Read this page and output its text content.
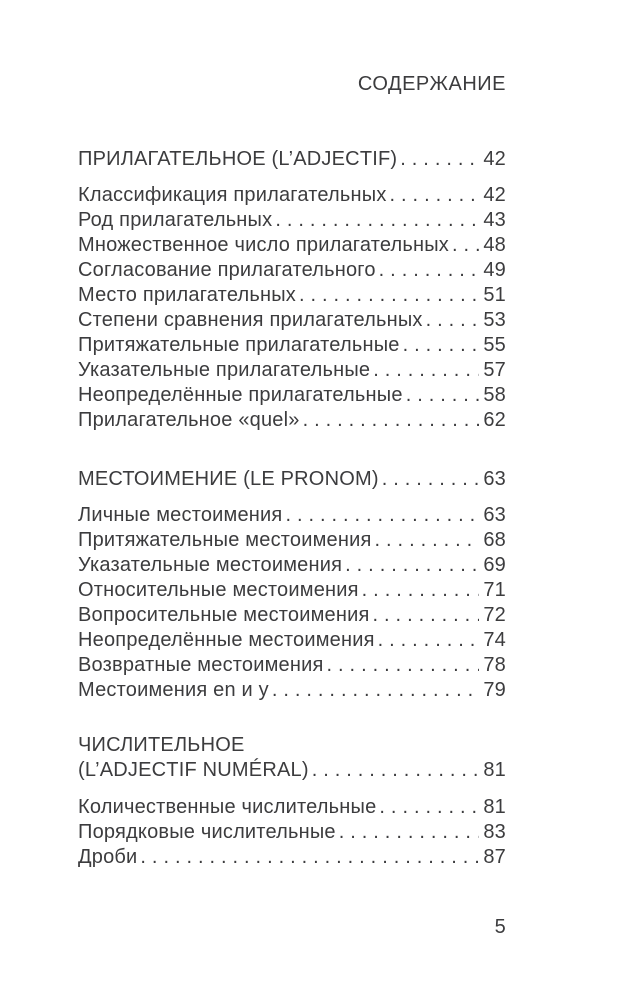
СОДЕРЖАНИЕ
ПРИЛАГАТЕЛЬНОЕ (L’ADJECTIF) . . .	42
Классификация прилагательных . . .	42
Род прилагательных . . .	43
Множественное число прилагательных . . . 48
Согласование прилагательного . . .	49
Место прилагательных . . .	51
Степени сравнения прилагательных . . .	53
Притяжательные прилагательные . . .	55
Указательные прилагательные . . .	57
Неопределённые прилагательные . . .	58
Прилагательное «quel» . . .	62
МЕСТОИМЕНИЕ (LE PRONOM) . . .	63
Личные местоимения . . .	63
Притяжательные местоимения . . .	68
Указательные местоимения . . .	69
Относительные местоимения . . .	71
Вопросительные местоимения . . .	72
Неопределённые местоимения . . .	74
Возвратные местоимения . . .	78
Местоимения en и y . . .	79
ЧИСЛИТЕЛЬНОЕ
(L’ADJECTIF NUMÉRAL) . . .	81
Количественные числительные . . .	81
Порядковые числительные . . .	83
Дроби . . .	87
5
